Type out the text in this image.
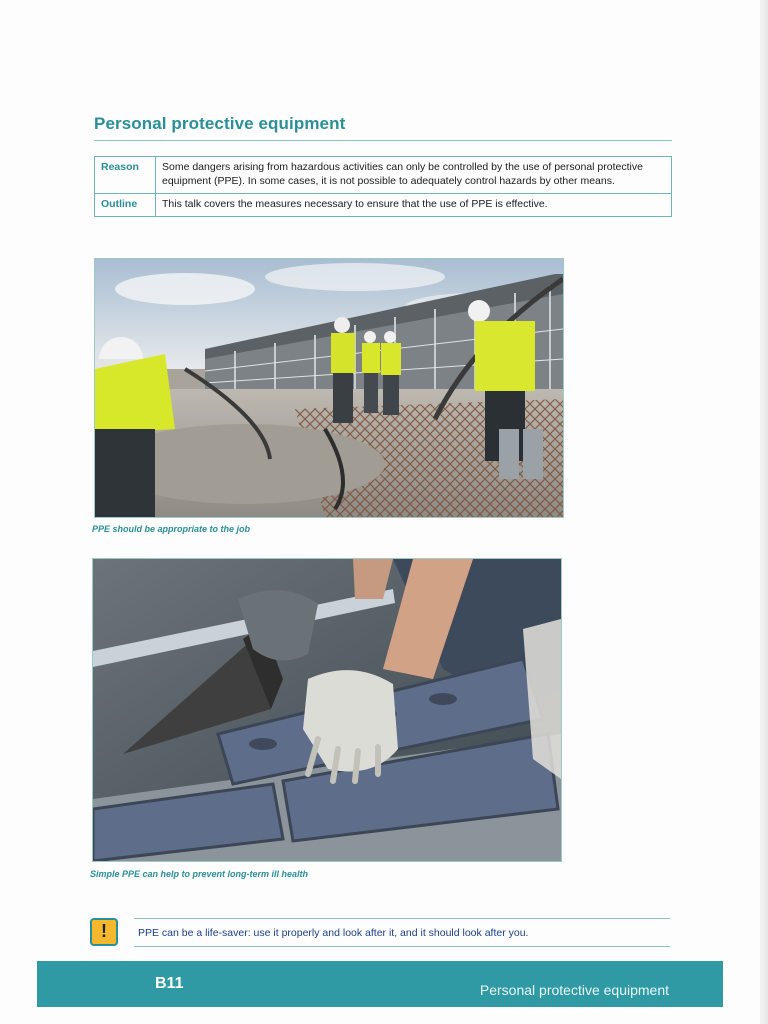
Personal protective equipment
Reason	Some dangers arising from hazardous activities can only be controlled by the use of personal protective equipment (PPE). In some cases, it is not possible to adequately control hazards by other means.
Outline	This talk covers the measures necessary to ensure that the use of PPE is effective.
PPE should be appropriate to the job
Simple PPE can help to prevent long-term ill health
!	PPE can be a life-saver: use it properly and look after it, and it should look after you.
B11	Personal protective equipment
